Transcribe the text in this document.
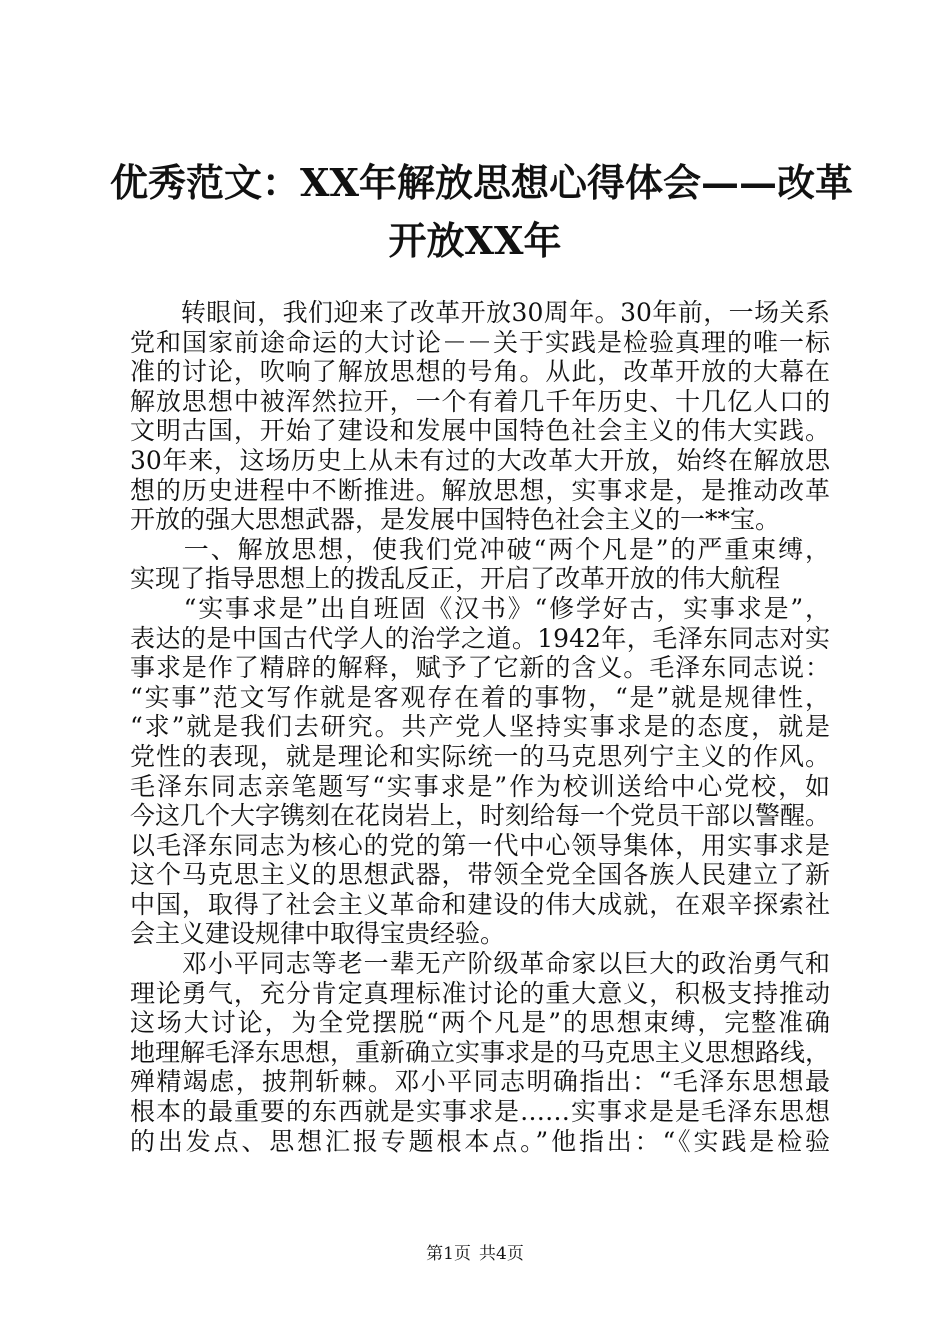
优秀范文：XX年解放思想心得体会——改革
开放XX年
　　转眼间，我们迎来了改革开放30周年。30年前，一场关系
党和国家前途命运的大讨论－－关于实践是检验真理的唯一标
准的讨论，吹响了解放思想的号角。从此，改革开放的大幕在
解放思想中被浑然拉开，一个有着几千年历史、十几亿人口的
文明古国，开始了建设和发展中国特色社会主义的伟大实践。
30年来，这场历史上从未有过的大改革大开放，始终在解放思
想的历史进程中不断推进。解放思想，实事求是，是推动改革
开放的强大思想武器，是发展中国特色社会主义的一**宝。
　　一、解放思想，使我们党冲破“两个凡是”的严重束缚，
实现了指导思想上的拨乱反正，开启了改革开放的伟大航程
　　“实事求是”出自班固《汉书》“修学好古，实事求是”，
表达的是中国古代学人的治学之道。1942年，毛泽东同志对实
事求是作了精辟的解释，赋予了它新的含义。毛泽东同志说：
“实事”范文写作就是客观存在着的事物，“是”就是规律性，
“求”就是我们去研究。共产党人坚持实事求是的态度，就是
党性的表现，就是理论和实际统一的马克思列宁主义的作风。
毛泽东同志亲笔题写“实事求是”作为校训送给中心党校，如
今这几个大字镌刻在花岗岩上，时刻给每一个党员干部以警醒。
以毛泽东同志为核心的党的第一代中心领导集体，用实事求是
这个马克思主义的思想武器，带领全党全国各族人民建立了新
中国，取得了社会主义革命和建设的伟大成就，在艰辛探索社
会主义建设规律中取得宝贵经验。
　　邓小平同志等老一辈无产阶级革命家以巨大的政治勇气和
理论勇气，充分肯定真理标准讨论的重大意义，积极支持推动
这场大讨论，为全党摆脱“两个凡是”的思想束缚，完整准确
地理解毛泽东思想，重新确立实事求是的马克思主义思想路线，
殚精竭虑，披荆斩棘。邓小平同志明确指出：“毛泽东思想最
根本的最重要的东西就是实事求是……实事求是是毛泽东思想
的出发点、思想汇报专题根本点。”他指出：“《实践是检验
第1页 共4页
